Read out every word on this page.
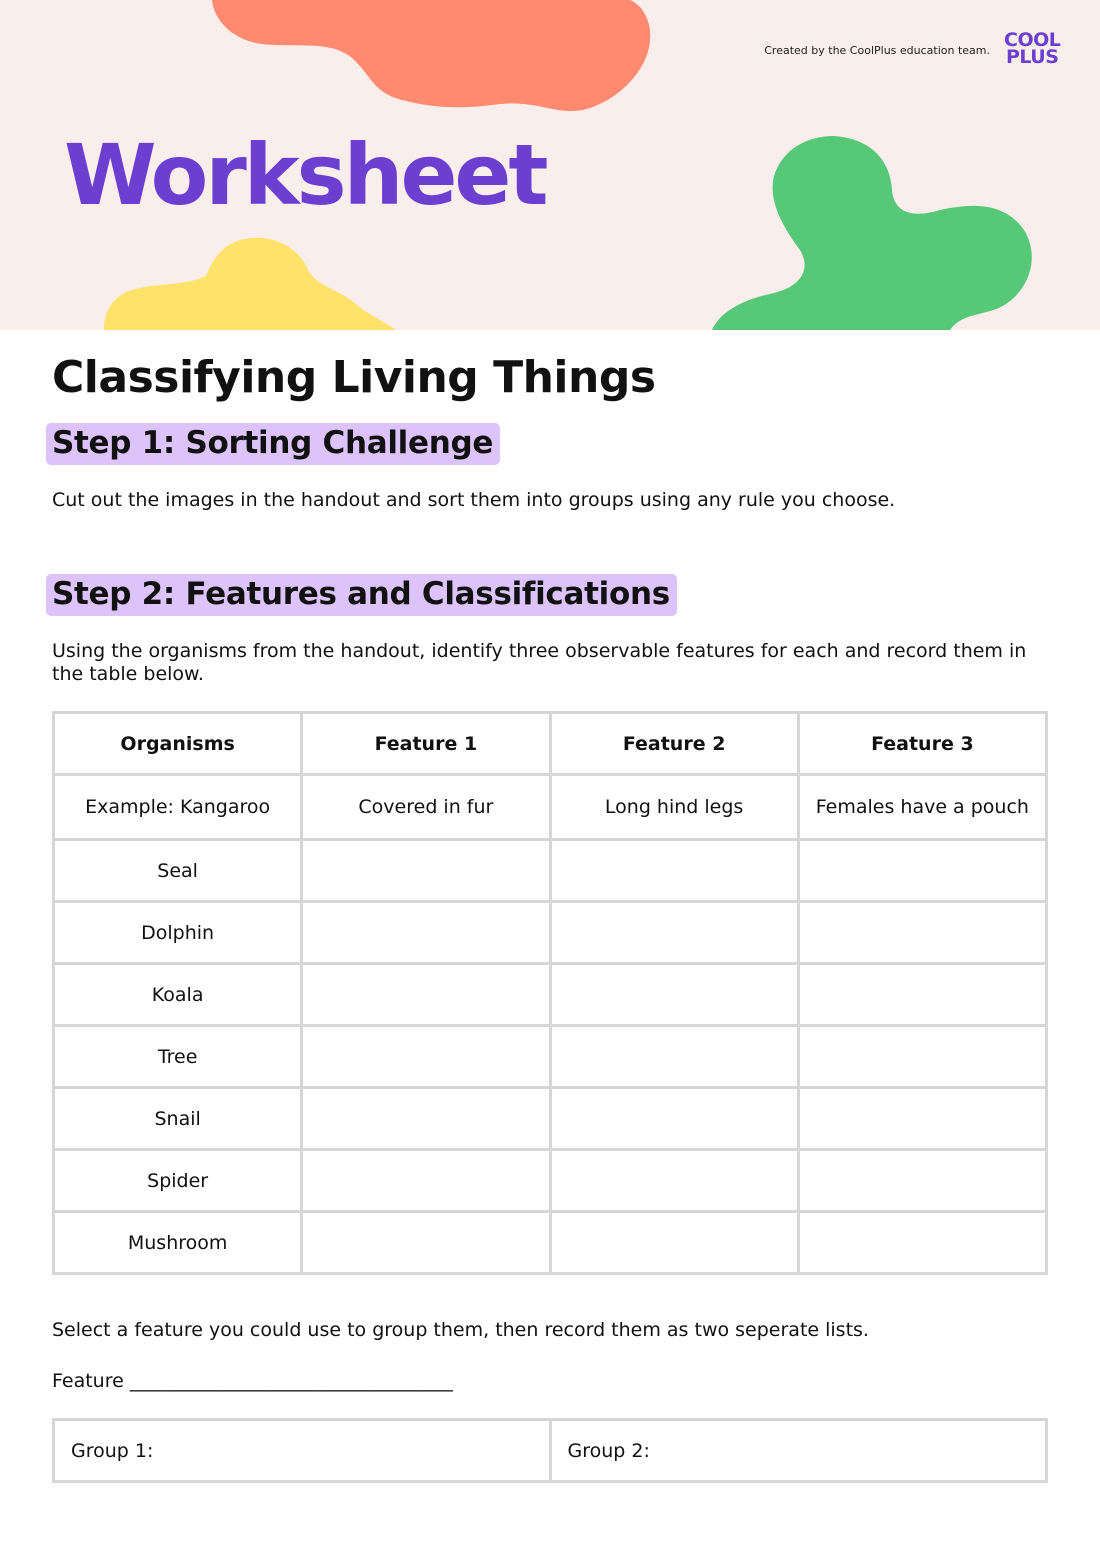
Created by the CoolPlus education team. COOL
PLUS
Worksheet
Classifying Living Things
Step 1: Sorting Challenge

Cut out the images in the handout and sort them into groups using any rule you choose.

Step 2: Features and Classifications

Using the organisms from the handout, identify three observable features for each and record them in the table below.

Organisms	Feature 1	Feature 2	Feature 3
Example: Kangaroo	Covered in fur	Long hind legs	Females have a pouch
Seal			
Dolphin			
Koala			
Tree			
Snail			
Spider			
Mushroom			

Select a feature you could use to group them, then record them as two seperate lists.

Feature __________________________________

Group 1:	Group 2:
